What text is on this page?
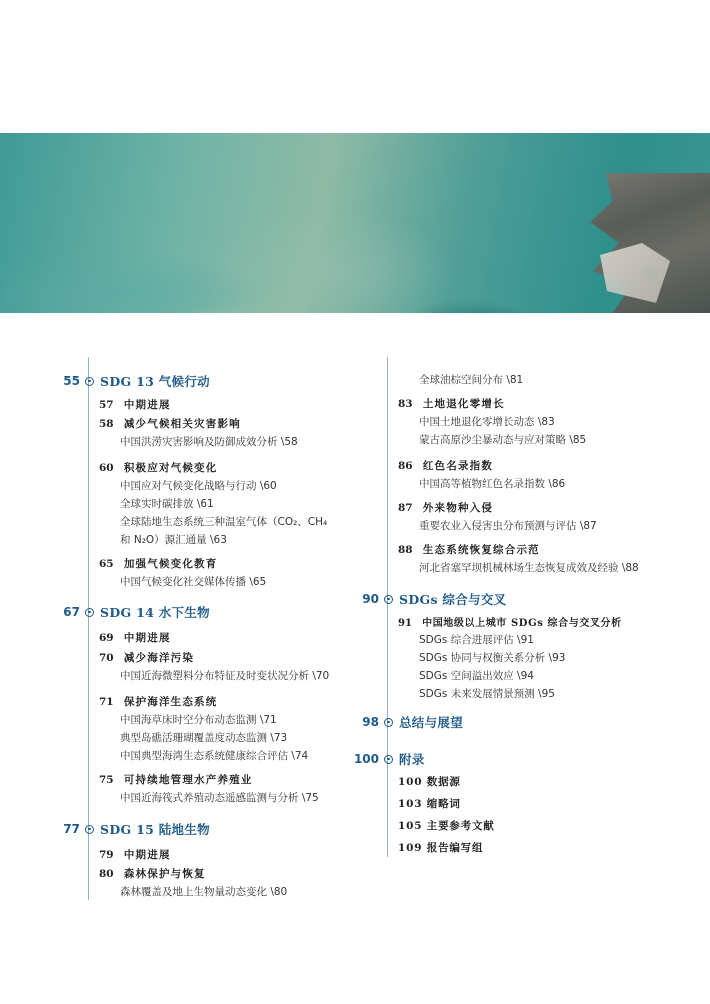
55 SDG 13 气候行动
57 中期进展
58 减少气候相关灾害影响
中国洪涝灾害影响及防御成效分析 \58
60 积极应对气候变化
中国应对气候变化战略与行动 \60
全球实时碳排放 \61
全球陆地生态系统三种温室气体（CO₂、CH₄
和 N₂O）源汇通量 \63
65 加强气候变化教育
中国气候变化社交媒体传播 \65
67 SDG 14 水下生物
69 中期进展
70 减少海洋污染
中国近海微塑料分布特征及时变状况分析 \70
71 保护海洋生态系统
中国海草床时空分布动态监测 \71
典型岛礁活珊瑚覆盖度动态监测 \73
中国典型海湾生态系统健康综合评估 \74
75 可持续地管理水产养殖业
中国近海筏式养殖动态遥感监测与分析 \75
77 SDG 15 陆地生物
79 中期进展
80 森林保护与恢复
森林覆盖及地上生物量动态变化 \80
全球油棕空间分布 \81
83 土地退化零增长
中国土地退化零增长动态 \83
蒙古高原沙尘暴动态与应对策略 \85
86 红色名录指数
中国高等植物红色名录指数 \86
87 外来物种入侵
重要农业入侵害虫分布预测与评估 \87
88 生态系统恢复综合示范
河北省塞罕坝机械林场生态恢复成效及经验 \88
90 SDGs 综合与交叉
91 中国地级以上城市 SDGs 综合与交叉分析
SDGs 综合进展评估 \91
SDGs 协同与权衡关系分析 \93
SDGs 空间溢出效应 \94
SDGs 未来发展情景预测 \95
98 总结与展望
100 附录
100 数据源
103 缩略词
105 主要参考文献
109 报告编写组
